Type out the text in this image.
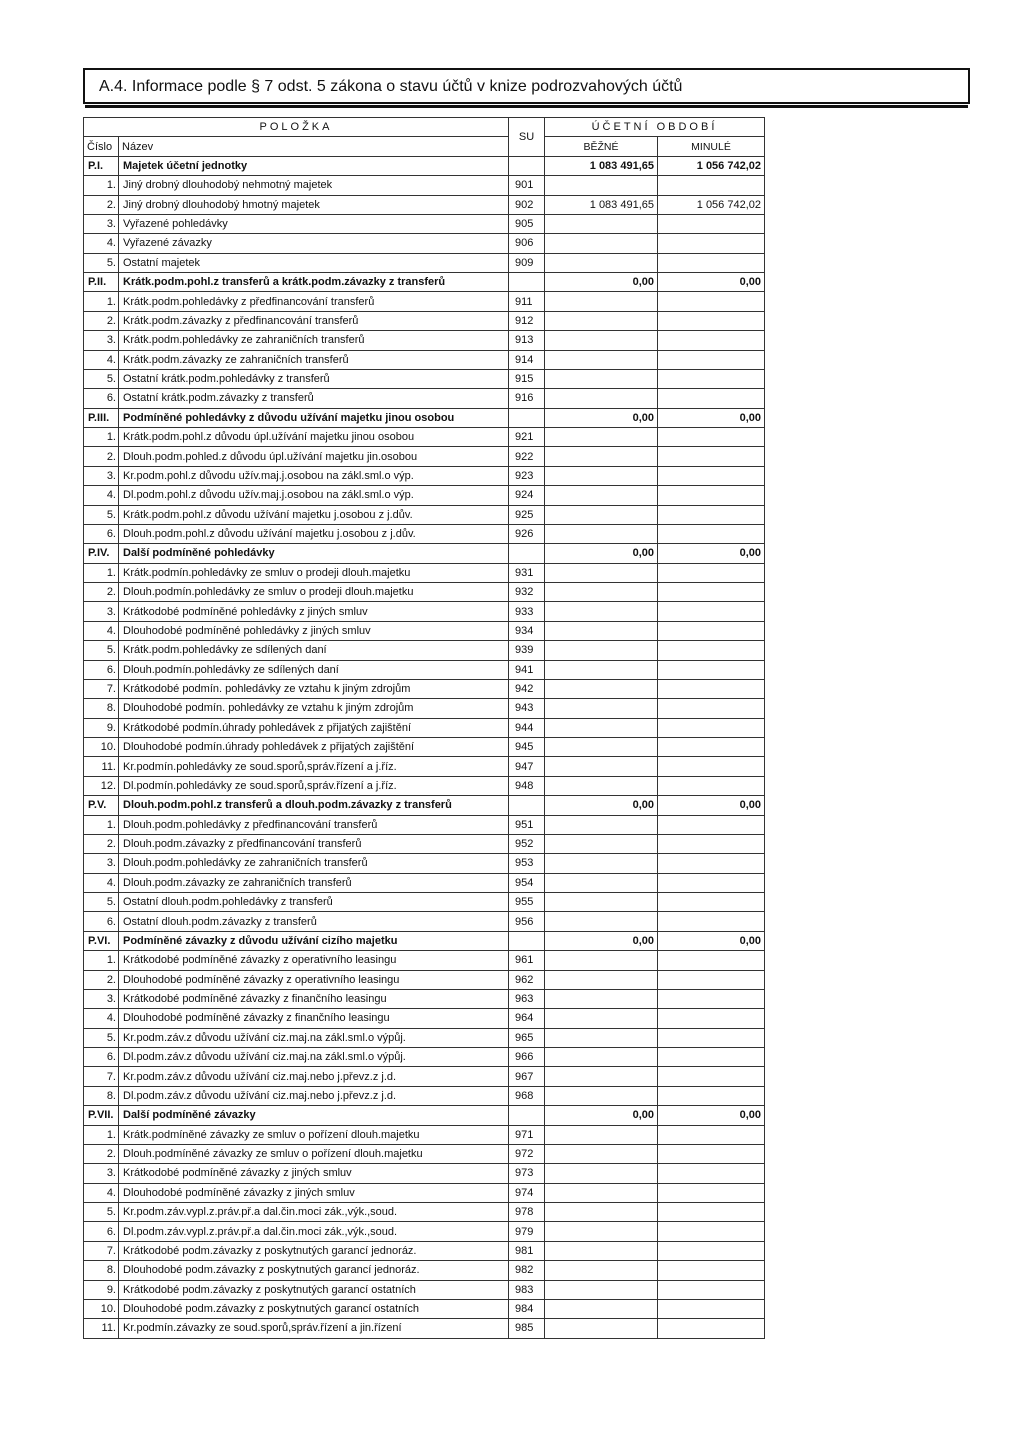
A.4. Informace podle § 7 odst. 5 zákona o stavu účtů v knize podrozvahových účtů
POLOŽKA		SU	ÚČETNÍ OBDOBÍ	
Číslo	Název		BĚŽNÉ	MINULÉ
P.I.	Majetek účetní jednotky		1 083 491,65	1 056 742,02
1.	Jiný drobný dlouhodobý nehmotný majetek	901		
2.	Jiný drobný dlouhodobý hmotný majetek	902	1 083 491,65	1 056 742,02
3.	Vyřazené pohledávky	905		
4.	Vyřazené závazky	906		
5.	Ostatní majetek	909		
P.II.	Krátk.podm.pohl.z transferů a krátk.podm.závazky z transferů		0,00	0,00
1.	Krátk.podm.pohledávky z předfinancování transferů	911		
2.	Krátk.podm.závazky z předfinancování transferů	912		
3.	Krátk.podm.pohledávky ze zahraničních transferů	913		
4.	Krátk.podm.závazky ze zahraničních transferů	914		
5.	Ostatní krátk.podm.pohledávky z transferů	915		
6.	Ostatní krátk.podm.závazky z transferů	916		
P.III.	Podmíněné pohledávky z důvodu užívání majetku jinou osobou		0,00	0,00
1.	Krátk.podm.pohl.z důvodu úpl.užívání majetku jinou osobou	921		
2.	Dlouh.podm.pohled.z důvodu úpl.užívání majetku jin.osobou	922		
3.	Kr.podm.pohl.z důvodu užív.maj.j.osobou na zákl.sml.o výp.	923		
4.	Dl.podm.pohl.z důvodu užív.maj.j.osobou na zákl.sml.o výp.	924		
5.	Krátk.podm.pohl.z důvodu užívání majetku j.osobou z j.dův.	925		
6.	Dlouh.podm.pohl.z důvodu užívání majetku j.osobou z j.dův.	926		
P.IV.	Další podmíněné pohledávky		0,00	0,00
1.	Krátk.podmín.pohledávky ze smluv o prodeji dlouh.majetku	931		
2.	Dlouh.podmín.pohledávky ze smluv o prodeji dlouh.majetku	932		
3.	Krátkodobé podmíněné pohledávky z jiných smluv	933		
4.	Dlouhodobé podmíněné pohledávky z jiných smluv	934		
5.	Krátk.podm.pohledávky ze sdílených daní	939		
6.	Dlouh.podmín.pohledávky ze sdílených daní	941		
7.	Krátkodobé podmín. pohledávky ze vztahu k jiným zdrojům	942		
8.	Dlouhodobé podmín. pohledávky ze vztahu k jiným zdrojům	943		
9.	Krátkodobé podmín.úhrady pohledávek z přijatých zajištění	944		
10.	Dlouhodobé podmín.úhrady pohledávek z přijatých zajištění	945		
11.	Kr.podmín.pohledávky ze soud.sporů,správ.řízení a j.říz.	947		
12.	Dl.podmín.pohledávky ze soud.sporů,správ.řízení a j.říz.	948		
P.V.	Dlouh.podm.pohl.z transferů a dlouh.podm.závazky z transferů		0,00	0,00
1.	Dlouh.podm.pohledávky z předfinancování transferů	951		
2.	Dlouh.podm.závazky z předfinancování transferů	952		
3.	Dlouh.podm.pohledávky ze zahraničních transferů	953		
4.	Dlouh.podm.závazky ze zahraničních transferů	954		
5.	Ostatní dlouh.podm.pohledávky z transferů	955		
6.	Ostatní dlouh.podm.závazky z transferů	956		
P.VI.	Podmíněné závazky z důvodu užívání cizího majetku		0,00	0,00
1.	Krátkodobé podmíněné závazky z operativního leasingu	961		
2.	Dlouhodobé podmíněné závazky z operativního leasingu	962		
3.	Krátkodobé podmíněné závazky z finančního leasingu	963		
4.	Dlouhodobé podmíněné závazky z finančního leasingu	964		
5.	Kr.podm.záv.z důvodu užívání ciz.maj.na zákl.sml.o výpůj.	965		
6.	Dl.podm.záv.z důvodu užívání ciz.maj.na zákl.sml.o výpůj.	966		
7.	Kr.podm.záv.z důvodu užívání ciz.maj.nebo j.převz.z j.d.	967		
8.	Dl.podm.záv.z důvodu užívání ciz.maj.nebo j.převz.z j.d.	968		
P.VII.	Další podmíněné závazky		0,00	0,00
1.	Krátk.podmíněné závazky ze smluv o pořízení dlouh.majetku	971		
2.	Dlouh.podmíněné závazky ze smluv o pořízení dlouh.majetku	972		
3.	Krátkodobé podmíněné závazky z jiných smluv	973		
4.	Dlouhodobé podmíněné závazky z jiných smluv	974		
5.	Kr.podm.záv.vypl.z.práv.př.a dal.čin.moci zák.,výk.,soud.	978		
6.	Dl.podm.záv.vypl.z.práv.př.a dal.čin.moci zák.,výk.,soud.	979		
7.	Krátkodobé podm.závazky z poskytnutých garancí jednoráz.	981		
8.	Dlouhodobé podm.závazky z poskytnutých garancí jednoráz.	982		
9.	Krátkodobé podm.závazky z poskytnutých garancí ostatních	983		
10.	Dlouhodobé podm.závazky z poskytnutých garancí ostatních	984		
11.	Kr.podmín.závazky ze soud.sporů,správ.řízení a jin.řízení	985		
